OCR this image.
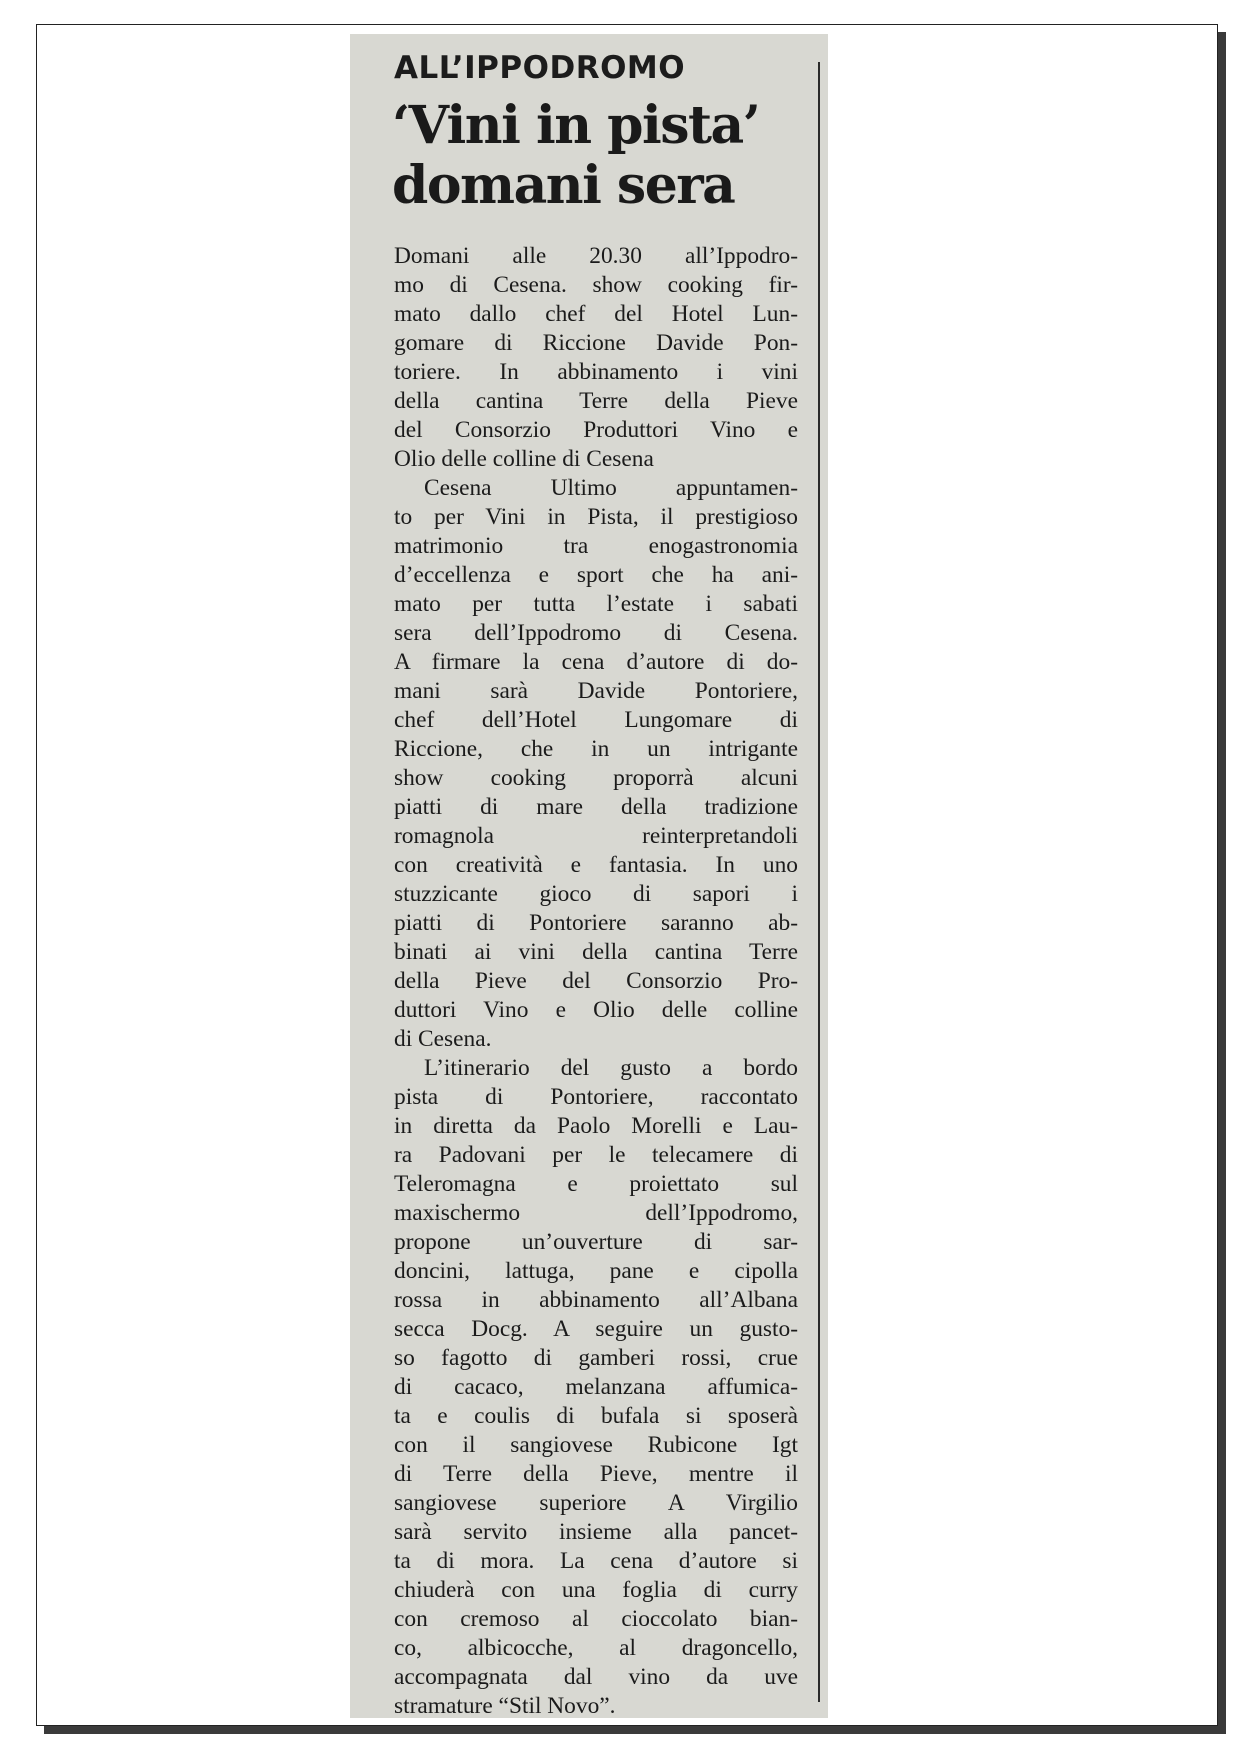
ALL’IPPODROMO
‘Vini in pista’
domani sera
Domani alle 20.30 all’Ippodro-
mo di Cesena. show cooking fir-
mato dallo chef del Hotel Lun-
gomare di Riccione Davide Pon-
toriere. In abbinamento i vini
della cantina Terre della Pieve
del Consorzio Produttori Vino e
Olio delle colline di Cesena
Cesena Ultimo appuntamen-
to per Vini in Pista, il prestigioso
matrimonio tra enogastronomia
d’eccellenza e sport che ha ani-
mato per tutta l’estate i sabati
sera dell’Ippodromo di Cesena.
A firmare la cena d’autore di do-
mani sarà Davide Pontoriere,
chef dell’Hotel Lungomare di
Riccione, che in un intrigante
show cooking proporrà alcuni
piatti di mare della tradizione
romagnola reinterpretandoli
con creatività e fantasia. In uno
stuzzicante gioco di sapori i
piatti di Pontoriere saranno ab-
binati ai vini della cantina Terre
della Pieve del Consorzio Pro-
duttori Vino e Olio delle colline
di Cesena.
L’itinerario del gusto a bordo
pista di Pontoriere, raccontato
in diretta da Paolo Morelli e Lau-
ra Padovani per le telecamere di
Teleromagna e proiettato sul
maxischermo dell’Ippodromo,
propone un’ouverture di sar-
doncini, lattuga, pane e cipolla
rossa in abbinamento all’Albana
secca Docg. A seguire un gusto-
so fagotto di gamberi rossi, crue
di cacaco, melanzana affumica-
ta e coulis di bufala si sposerà
con il sangiovese Rubicone Igt
di Terre della Pieve, mentre il
sangiovese superiore A Virgilio
sarà servito insieme alla pancet-
ta di mora. La cena d’autore si
chiuderà con una foglia di curry
con cremoso al cioccolato bian-
co, albicocche, al dragoncello,
accompagnata dal vino da uve
stramature “Stil Novo”.
